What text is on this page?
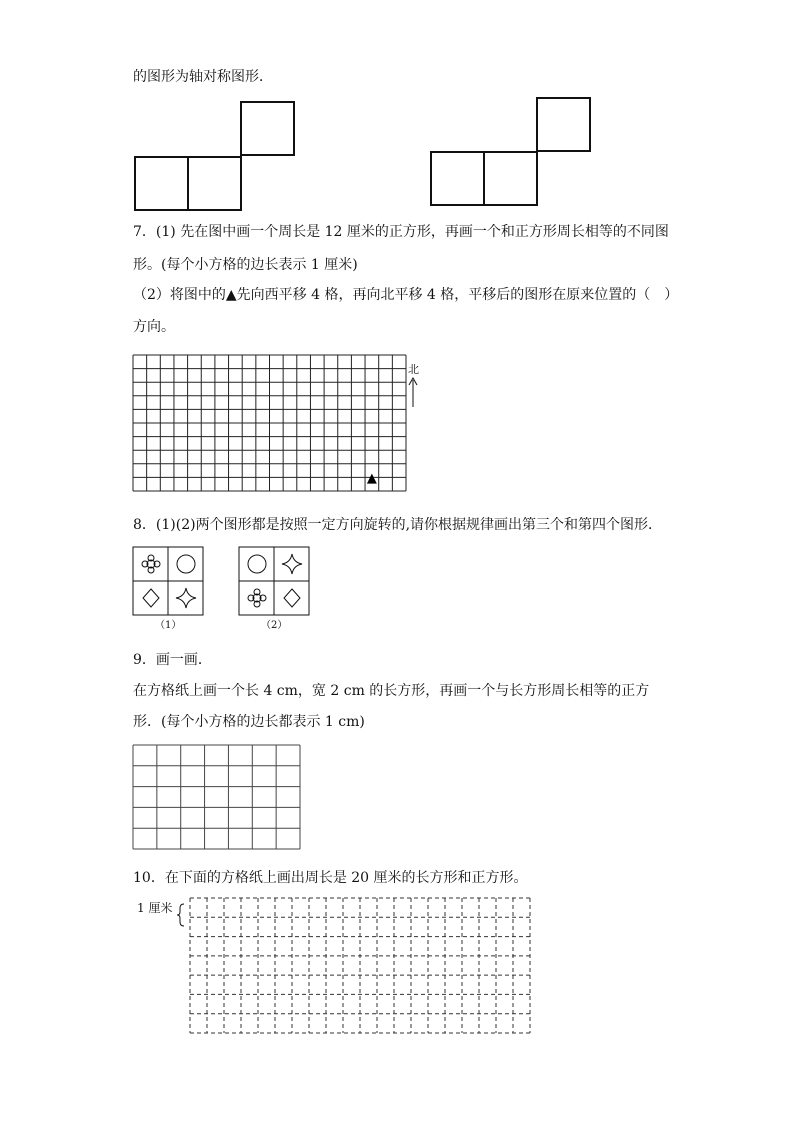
的图形为轴对称图形．
7．(1) 先在图中画一个周长是 12 厘米的正方形，再画一个和正方形周长相等的不同图
形。(每个小方格的边长表示 1 厘米)
（2）将图中的▲先向西平移 4 格，再向北平移 4 格，平移后的图形在原来位置的（　）
方向。
8．(1)(2)两个图形都是按照一定方向旋转的,请你根据规律画出第三个和第四个图形．
（1）	（2）
9．画一画．
在方格纸上画一个长 4 cm，宽 2 cm 的长方形，再画一个与长方形周长相等的正方
形．(每个小方格的边长都表示 1 cm)
10．在下面的方格纸上画出周长是 20 厘米的长方形和正方形。
1 厘米
▲
北
